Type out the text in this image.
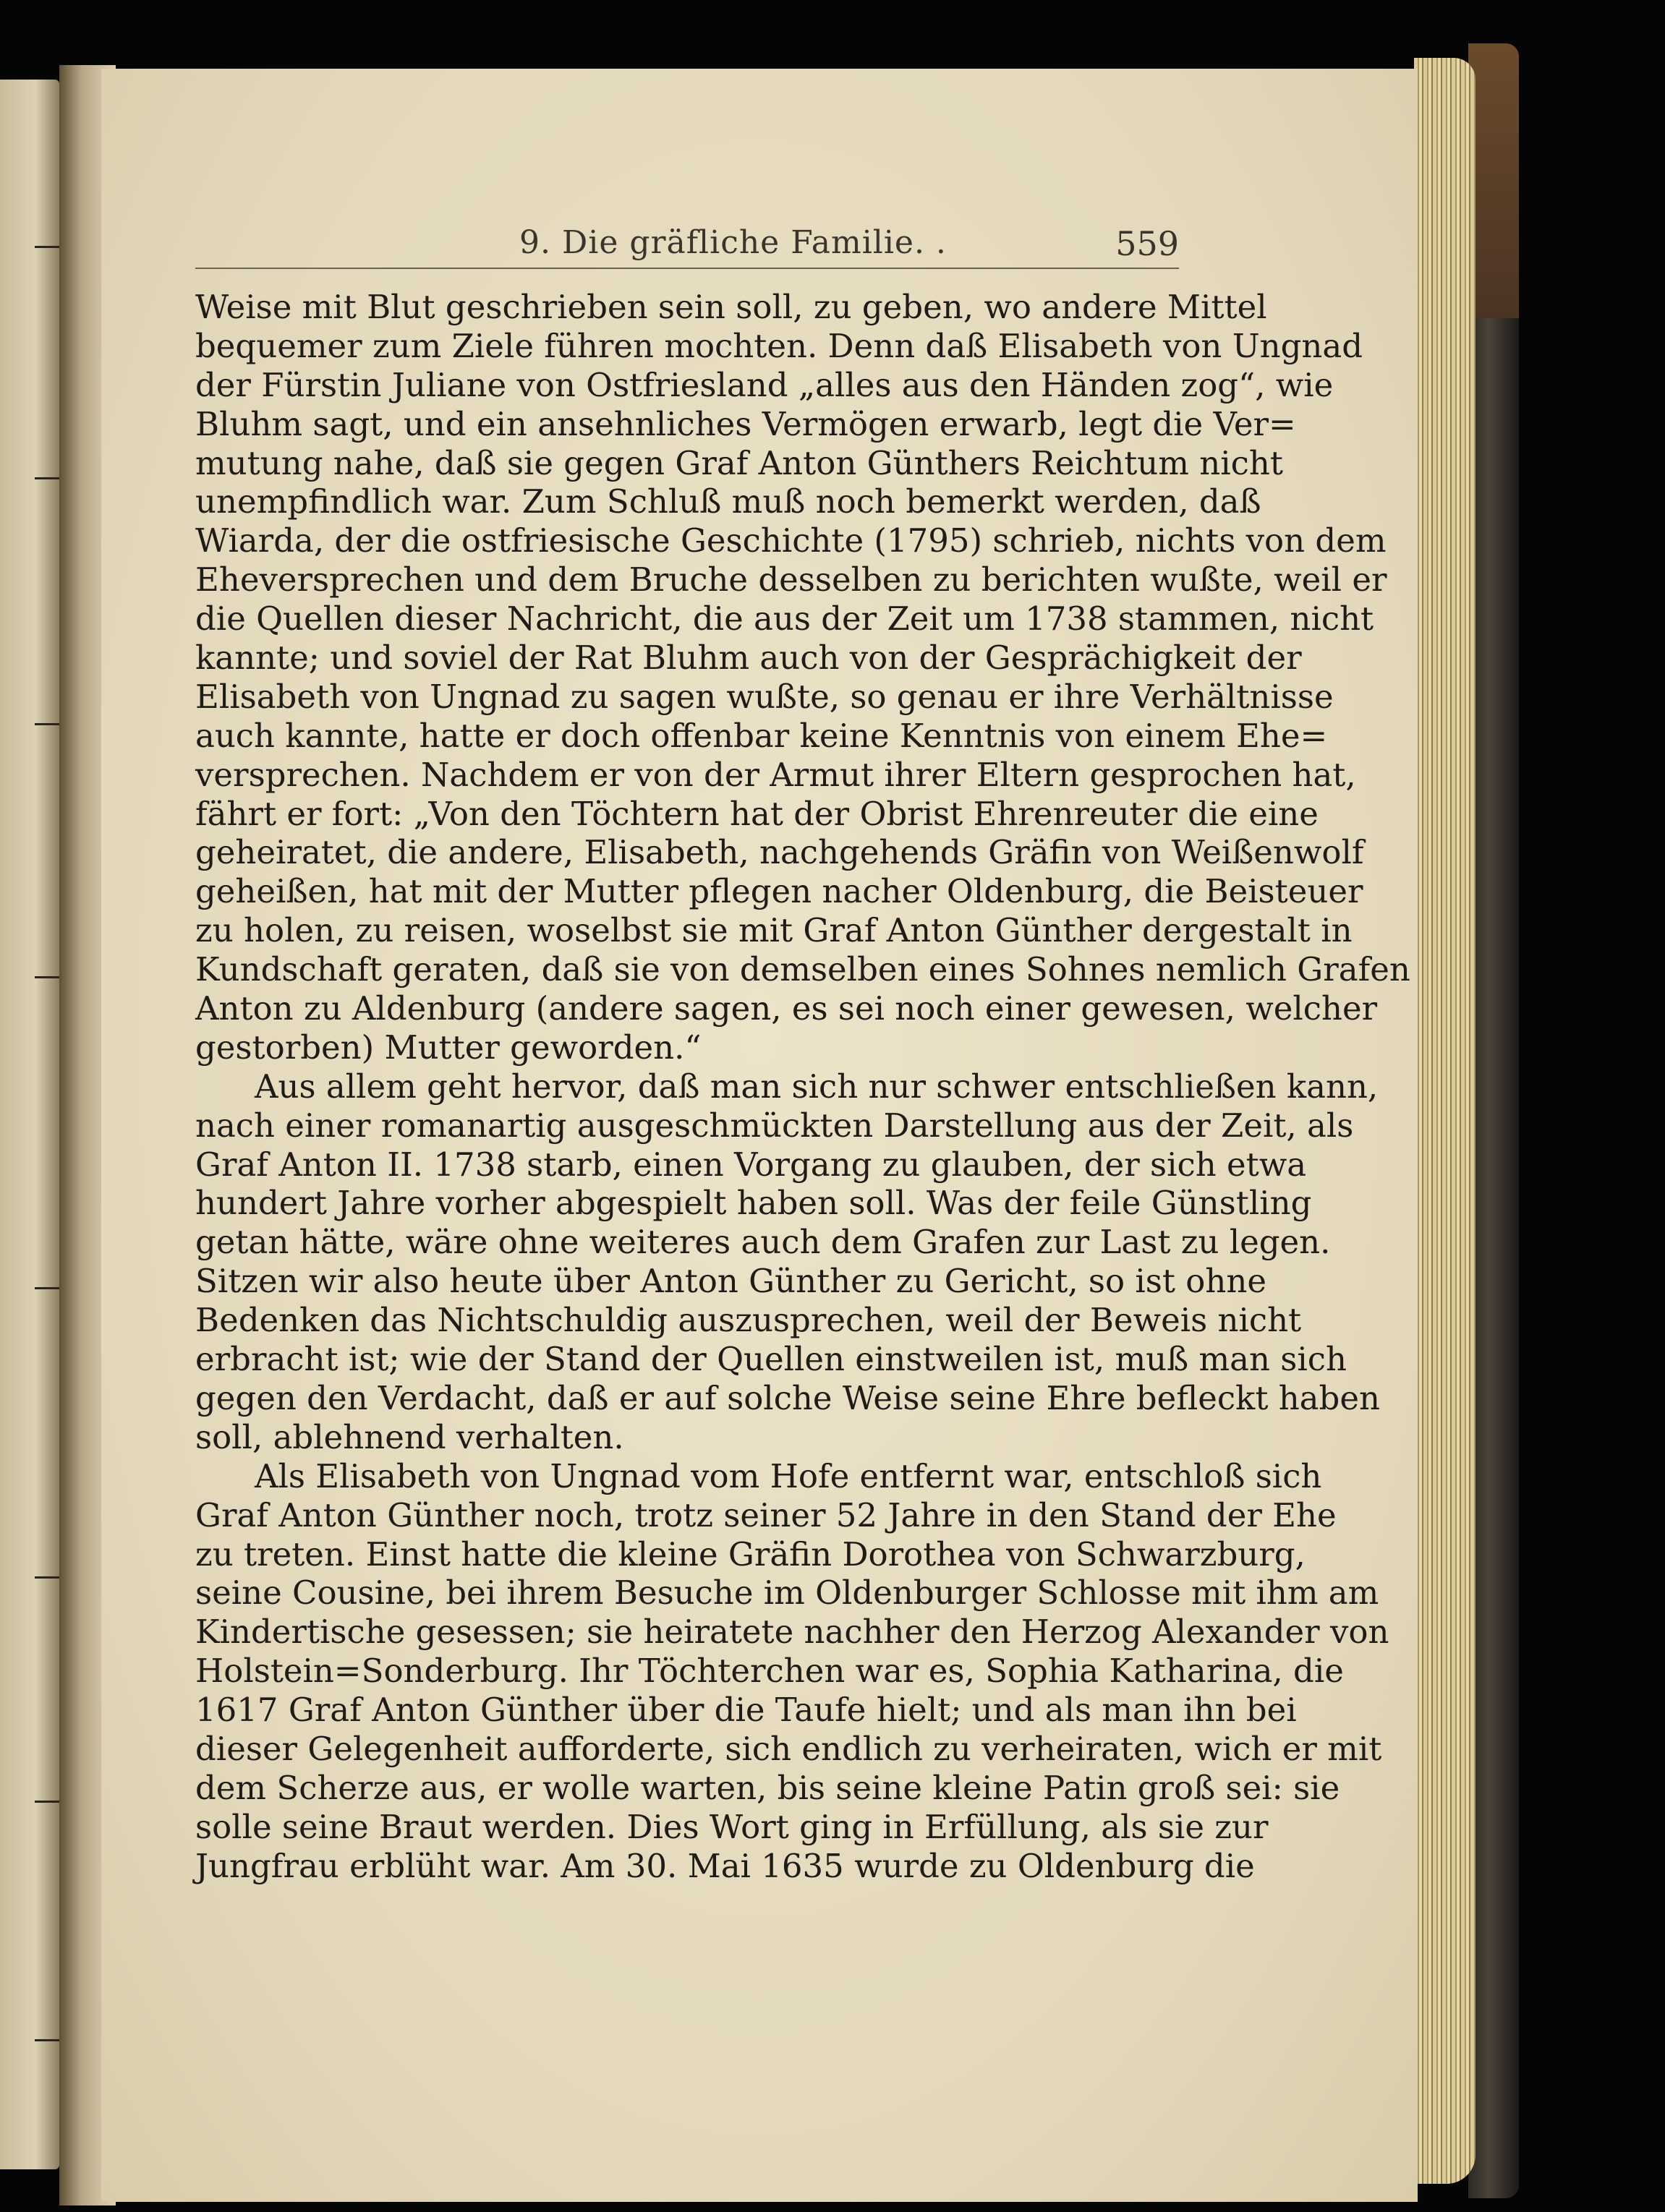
9. Die gräfliche Familie. .	559
Weise mit Blut geschrieben sein soll, zu geben, wo andere Mittel
bequemer zum Ziele führen mochten. Denn daß Elisabeth von Ungnad
der Fürstin Juliane von Ostfriesland „alles aus den Händen zog“, wie
Bluhm sagt, und ein ansehnliches Vermögen erwarb, legt die Ver=
mutung nahe, daß sie gegen Graf Anton Günthers Reichtum nicht
unempfindlich war. Zum Schluß muß noch bemerkt werden, daß
Wiarda, der die ostfriesische Geschichte (1795) schrieb, nichts von dem
Eheversprechen und dem Bruche desselben zu berichten wußte, weil er
die Quellen dieser Nachricht, die aus der Zeit um 1738 stammen, nicht
kannte; und soviel der Rat Bluhm auch von der Gesprächigkeit der
Elisabeth von Ungnad zu sagen wußte, so genau er ihre Verhältnisse
auch kannte, hatte er doch offenbar keine Kenntnis von einem Ehe=
versprechen. Nachdem er von der Armut ihrer Eltern gesprochen hat,
fährt er fort: „Von den Töchtern hat der Obrist Ehrenreuter die eine
geheiratet, die andere, Elisabeth, nachgehends Gräfin von Weißenwolf
geheißen, hat mit der Mutter pflegen nacher Oldenburg, die Beisteuer
zu holen, zu reisen, woselbst sie mit Graf Anton Günther dergestalt in
Kundschaft geraten, daß sie von demselben eines Sohnes nemlich Grafen
Anton zu Aldenburg (andere sagen, es sei noch einer gewesen, welcher
gestorben) Mutter geworden.“
Aus allem geht hervor, daß man sich nur schwer entschließen kann,
nach einer romanartig ausgeschmückten Darstellung aus der Zeit, als
Graf Anton II. 1738 starb, einen Vorgang zu glauben, der sich etwa
hundert Jahre vorher abgespielt haben soll. Was der feile Günstling
getan hätte, wäre ohne weiteres auch dem Grafen zur Last zu legen.
Sitzen wir also heute über Anton Günther zu Gericht, so ist ohne
Bedenken das Nichtschuldig auszusprechen, weil der Beweis nicht
erbracht ist; wie der Stand der Quellen einstweilen ist, muß man sich
gegen den Verdacht, daß er auf solche Weise seine Ehre befleckt haben
soll, ablehnend verhalten.
Als Elisabeth von Ungnad vom Hofe entfernt war, entschloß sich
Graf Anton Günther noch, trotz seiner 52 Jahre in den Stand der Ehe
zu treten. Einst hatte die kleine Gräfin Dorothea von Schwarzburg,
seine Cousine, bei ihrem Besuche im Oldenburger Schlosse mit ihm am
Kindertische gesessen; sie heiratete nachher den Herzog Alexander von
Holstein=Sonderburg. Ihr Töchterchen war es, Sophia Katharina, die
1617 Graf Anton Günther über die Taufe hielt; und als man ihn bei
dieser Gelegenheit aufforderte, sich endlich zu verheiraten, wich er mit
dem Scherze aus, er wolle warten, bis seine kleine Patin groß sei: sie
solle seine Braut werden. Dies Wort ging in Erfüllung, als sie zur
Jungfrau erblüht war. Am 30. Mai 1635 wurde zu Oldenburg die
